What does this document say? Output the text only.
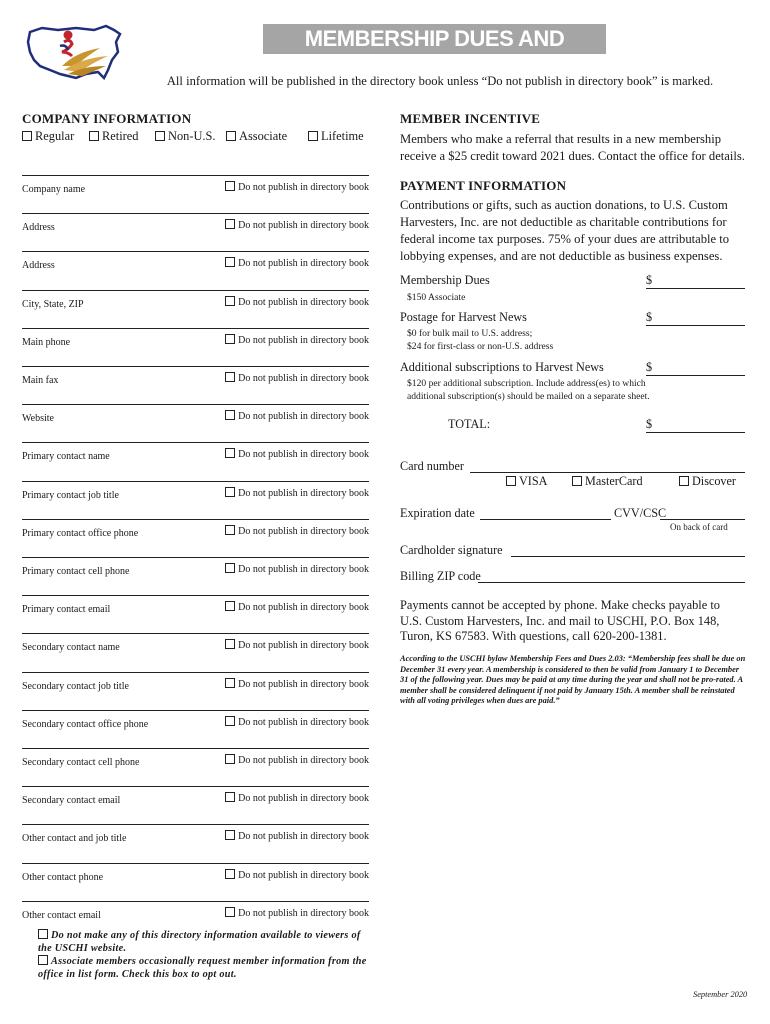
MEMBERSHIP DUES AND RENEWAL
All information will be published in the directory book unless “Do not publish in directory book” is marked.
COMPANY INFORMATION
Regular	Retired	Non-U.S.	Associate	Lifetime
Company name	Do not publish in directory book
Address	Do not publish in directory book
Address	Do not publish in directory book
City, State, ZIP	Do not publish in directory book
Main phone	Do not publish in directory book
Main fax	Do not publish in directory book
Website	Do not publish in directory book
Primary contact name	Do not publish in directory book
Primary contact job title	Do not publish in directory book
Primary contact office phone	Do not publish in directory book
Primary contact cell phone	Do not publish in directory book
Primary contact email	Do not publish in directory book
Secondary contact name	Do not publish in directory book
Secondary contact job title	Do not publish in directory book
Secondary contact office phone	Do not publish in directory book
Secondary contact cell phone	Do not publish in directory book
Secondary contact email	Do not publish in directory book
Other contact and job title	Do not publish in directory book
Other contact phone	Do not publish in directory book
Other contact email	Do not publish in directory book
Do not make any of this directory information available to viewers of the USCHI website.
Associate members occasionally request member information from the office in list form. Check this box to opt out.
MEMBER INCENTIVE
Members who make a referral that results in a new membership receive a $25 credit toward 2021 dues. Contact the office for details.
PAYMENT INFORMATION
Contributions or gifts, such as auction donations, to U.S. Custom Harvesters, Inc. are not deductible as charitable contributions for federal income tax purposes. 75% of your dues are attributable to lobbying expenses, and are not deductible as business expenses.
Membership Dues	$
$150 Associate
Postage for Harvest News	$
$0 for bulk mail to U.S. address;
$24 for first-class or non-U.S. address
Additional subscriptions to Harvest News	$
$120 per additional subscription. Include address(es) to which
additional subscription(s) should be mailed on a separate sheet.
TOTAL:	$
Card number
VISA	MasterCard	Discover
Expiration date	CVV/CSC
On back of card
Cardholder signature
Billing ZIP code
Payments cannot be accepted by phone. Make checks payable to U.S. Custom Harvesters, Inc. and mail to USCHI, P.O. Box 148, Turon, KS 67583. With questions, call 620-200-1381.
According to the USCHI bylaw Membership Fees and Dues 2.03: “Membership fees shall be due on December 31 every year. A membership is considered to then be valid from January 1 to December 31 of the following year. Dues may be paid at any time during the year and shall not be pro-rated. A member shall be considered delinquent if not paid by January 15th. A member shall be reinstated with all voting privileges when dues are paid.”
September 2020
